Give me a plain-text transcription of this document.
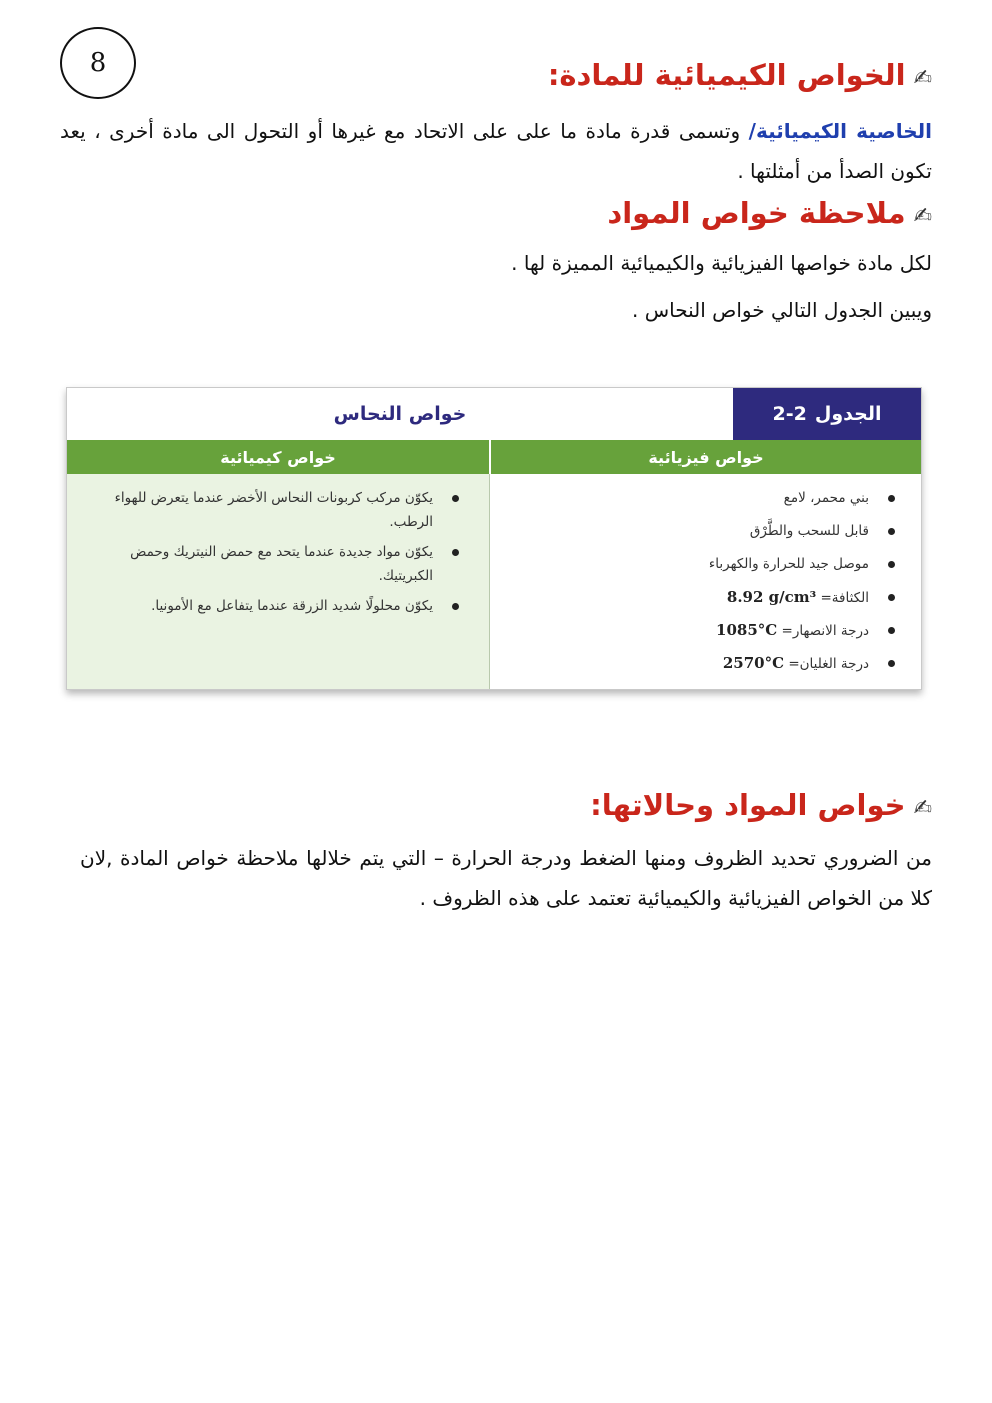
8
✍الخواص الكيميائية للمادة:
الخاصية الكيميائية/ وتسمى قدرة مادة ما على على الاتحاد مع غيرها أو التحول الى مادة أخرى ، يعد تكون الصدأ من أمثلتها .
✍ملاحظة خواص المواد
لكل مادة خواصها الفيزيائية والكيميائية المميزة لها .
ويبين الجدول التالي خواص النحاس .
الجدول
2-2
خواص النحاس
خواص فيزيائية
خواص كيميائية
بني محمر، لامع
قابل للسحب والطَّرْق
موصل جيد للحرارة والكهرباء
الكثافة= 8.92 g/cm³
درجة الانصهار= 1085°C
درجة الغليان= 2570°C
يكوّن مركب كربونات النحاس الأخضر عندما يتعرض للهواء الرطب.
يكوّن مواد جديدة عندما يتحد مع حمض النيتريك وحمض الكبريتيك.
يكوّن محلولًا شديد الزرقة عندما يتفاعل مع الأمونيا.
✍خواص المواد وحالاتها:
من الضروري تحديد الظروف ومنها الضغط ودرجة الحرارة – التي يتم خلالها ملاحظة خواص المادة ,لان كلا من الخواص الفيزيائية والكيميائية تعتمد على هذه الظروف .
